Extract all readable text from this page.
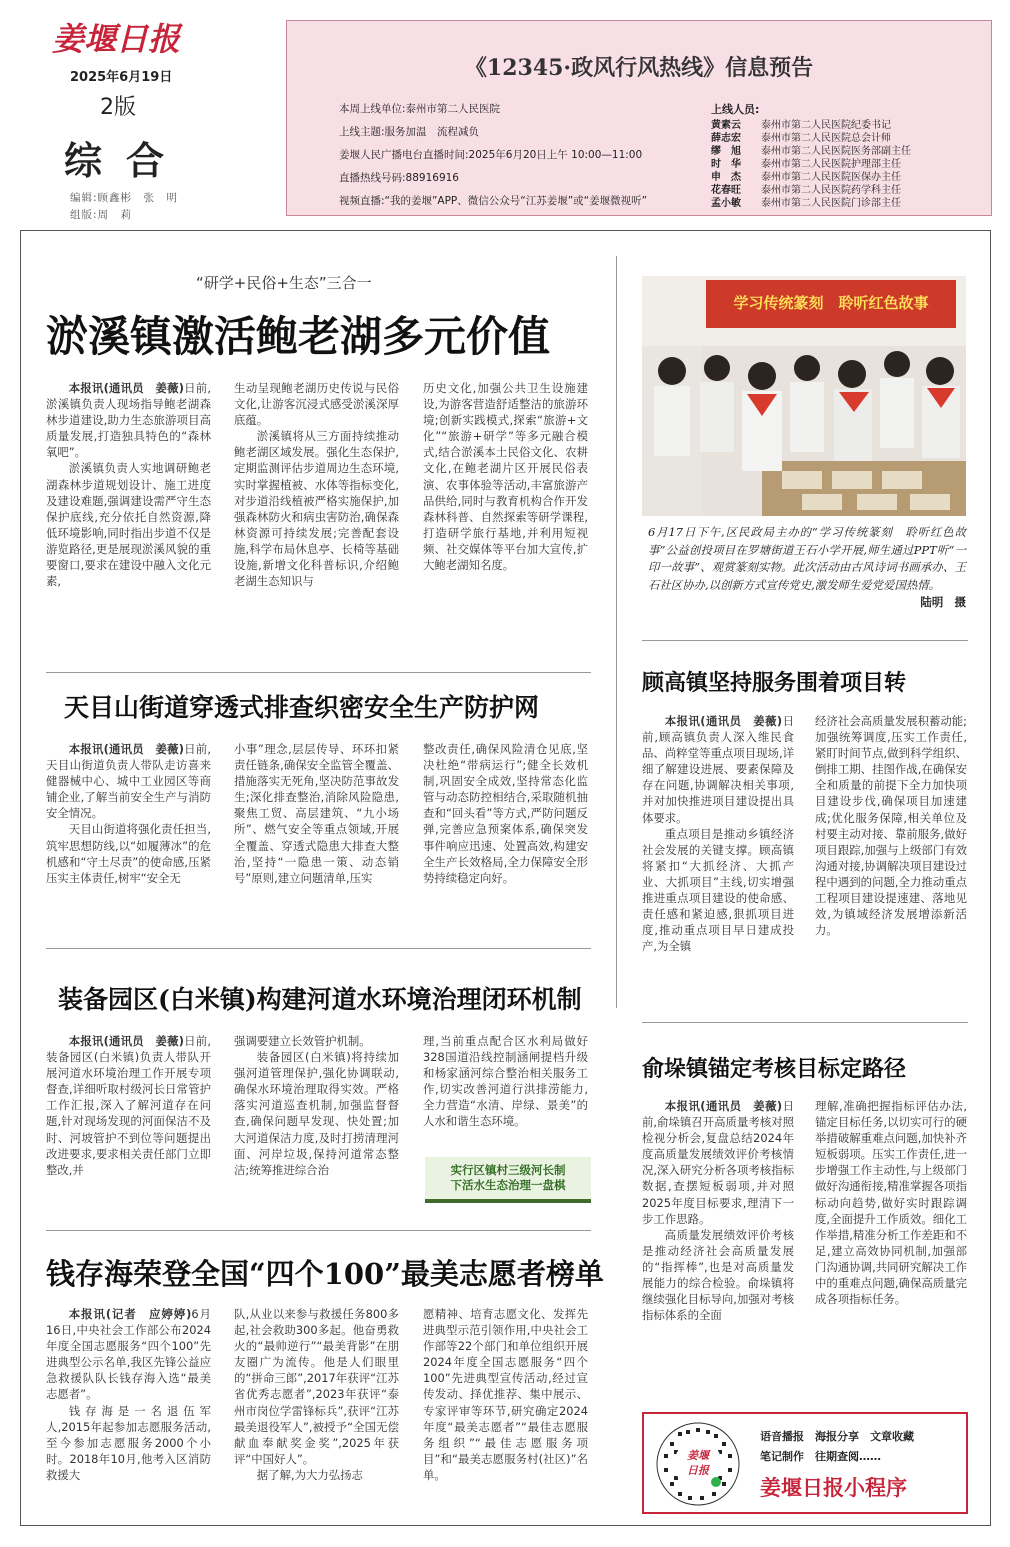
姜堰日报
2025年6月19日
2版
综合
编辑:顾鑫彬　张　明
组版:周　莉
《12345·政风行风热线》信息预告
本周上线单位:泰州市第二人民医院
上线主题:服务加温　流程减负
姜堰人民广播电台直播时间:2025年6月20日上午 10:00—11:00
直播热线号码:88916916
视频直播:“我的姜堰”APP、微信公众号“江苏姜堰”或“姜堰微视听”
上线人员:
黄素云 泰州市第二人民医院纪委书记
薛志宏 泰州市第二人民医院总会计师
缪　旭 泰州市第二人民医院医务部副主任
时　华 泰州市第二人民医院护理部主任
申　杰 泰州市第二人民医院医保办主任
花春旺 泰州市第二人民医院药学科主任
孟小敏 泰州市第二人民医院门诊部主任
“研学+民俗+生态”三合一
淤溪镇激活鲍老湖多元价值

本报讯(通讯员　姜薇)日前,淤溪镇负责人现场指导鲍老湖森林步道建设,助力生态旅游项目高质量发展,打造独具特色的“森林氧吧”。

淤溪镇负责人实地调研鲍老湖森林步道规划设计、施工进度及建设难题,强调建设需严守生态保护底线,充分依托自然资源,降低环境影响,同时指出步道不仅是游览路径,更是展现淤溪风貌的重要窗口,要求在建设中融入文化元素,

生动呈现鲍老湖历史传说与民俗文化,让游客沉浸式感受淤溪深厚底蕴。

淤溪镇将从三方面持续推动鲍老湖区域发展。强化生态保护,定期监测评估步道周边生态环境,实时掌握植被、水体等指标变化,对步道沿线植被严格实施保护,加强森林防火和病虫害防治,确保森林资源可持续发展;完善配套设施,科学布局休息亭、长椅等基础设施,新增文化科普标识,介绍鲍老湖生态知识与

历史文化,加强公共卫生设施建设,为游客营造舒适整洁的旅游环境;创新实践模式,探索“旅游+文化”“旅游+研学”等多元融合模式,结合淤溪本土民俗文化、农耕文化,在鲍老湖片区开展民俗表演、农事体验等活动,丰富旅游产品供给,同时与教育机构合作开发森林科普、自然探索等研学课程,打造研学旅行基地,并利用短视频、社交媒体等平台加大宣传,扩大鲍老湖知名度。

学习传统篆刻　聆听红色故事
6月17日下午,区民政局主办的“学习传统篆刻　聆听红色故事”公益创投项目在罗塘街道王石小学开展,师生通过PPT听“一印一故事”、观赏篆刻实物。此次活动由古风诗词书画承办、王石社区协办,以创新方式宣传党史,激发师生爱党爱国热情。
陆明　摄
天目山街道穿透式排查织密安全生产防护网

本报讯(通讯员　姜薇)日前,天目山街道负责人带队走访喜来健器械中心、城中工业园区等商铺企业,了解当前安全生产与消防安全情况。

天目山街道将强化责任担当,筑牢思想防线,以“如履薄冰”的危机感和“守土尽责”的使命感,压紧压实主体责任,树牢“安全无

小事”理念,层层传导、环环扣紧责任链条,确保安全监管全覆盖、措施落实无死角,坚决防范事故发生;深化排查整治,消除风险隐患,聚焦工贸、高层建筑、“九小场所”、燃气安全等重点领域,开展全覆盖、穿透式隐患大排查大整治,坚持“一隐患一策、动态销号”原则,建立问题清单,压实

整改责任,确保风险清仓见底,坚决杜绝“带病运行”;健全长效机制,巩固安全成效,坚持常态化监管与动态防控相结合,采取随机抽查和“回头看”等方式,严防问题反弹,完善应急预案体系,确保突发事件响应迅速、处置高效,构建安全生产长效格局,全力保障安全形势持续稳定向好。

顾高镇坚持服务围着项目转

本报讯(通讯员　姜薇)日前,顾高镇负责人深入维民食品、尚粹堂等重点项目现场,详细了解建设进展、要素保障及存在问题,协调解决相关事项,并对加快推进项目建设提出具体要求。

重点项目是推动乡镇经济社会发展的关键支撑。顾高镇将紧扣“大抓经济、大抓产业、大抓项目”主线,切实增强推进重点项目建设的使命感、责任感和紧迫感,狠抓项目进度,推动重点项目早日建成投产,为全镇

经济社会高质量发展积蓄动能;加强统筹调度,压实工作责任,紧盯时间节点,做到科学组织、倒排工期、挂图作战,在确保安全和质量的前提下全力加快项目建设步伐,确保项目加速建成;优化服务保障,相关单位及村要主动对接、靠前服务,做好项目跟踪,加强与上级部门有效沟通对接,协调解决项目建设过程中遇到的问题,全力推动重点工程项目建设提速建、落地见效,为镇域经济发展增添新活力。

装备园区(白米镇)构建河道水环境治理闭环机制

本报讯(通讯员　姜薇)日前,装备园区(白米镇)负责人带队开展河道水环境治理工作开展专项督查,详细听取村级河长日常管护工作汇报,深入了解河道存在问题,针对现场发现的河面保洁不及时、河坡管护不到位等问题提出改进要求,要求相关责任部门立即整改,并

强调要建立长效管护机制。

装备园区(白米镇)将持续加强河道管理保护,强化协调联动,确保水环境治理取得实效。严格落实河道巡查机制,加强监督督查,确保问题早发现、快处置;加大河道保洁力度,及时打捞清理河面、河岸垃圾,保持河道常态整洁;统筹推进综合治

理,当前重点配合区水利局做好328国道沿线控制涵闸提档升级和杨家涵河综合整治相关服务工作,切实改善河道行洪排涝能力,全力营造“水清、岸绿、景美”的人水和谐生态环境。

实行区镇村三级河长制
下活水生态治理一盘棋
俞垛镇锚定考核目标定路径

本报讯(通讯员　姜薇)日前,俞垛镇召开高质量考核对照检视分析会,复盘总结2024年度高质量发展绩效评价考核情况,深入研究分析各项考核指标数据,查摆短板弱项,并对照2025年度目标要求,理清下一步工作思路。

高质量发展绩效评价考核是推动经济社会高质量发展的“指挥棒”,也是对高质量发展能力的综合检验。俞垛镇将继续强化目标导向,加强对考核指标体系的全面

理解,准确把握指标评估办法,锚定目标任务,以切实可行的硬举措破解重难点问题,加快补齐短板弱项。压实工作责任,进一步增强工作主动性,与上级部门做好沟通衔接,精准掌握各项指标动向趋势,做好实时跟踪调度,全面提升工作质效。细化工作举措,精准分析工作差距和不足,建立高效协同机制,加强部门沟通协调,共同研究解决工作中的重难点问题,确保高质量完成各项指标任务。

钱存海荣登全国“四个100”最美志愿者榜单

本报讯(记者　应婷婷)6月16日,中央社会工作部公布2024年度全国志愿服务“四个100”先进典型公示名单,我区先锋公益应急救援队队长钱存海入选“最美志愿者”。

钱存海是一名退伍军人,2015年起参加志愿服务活动,至今参加志愿服务2000个小时。2018年10月,他考入区消防救援大

队,从业以来参与救援任务800多起,社会救助300多起。他奋勇救火的“最帅逆行”“最美背影”在朋友圈广为流传。他是人们眼里的“拼命三郎”,2017年获评“江苏省优秀志愿者”,2023年获评“泰州市岗位学雷锋标兵”,获评“江苏最美退役军人”,被授予“全国无偿献血奉献奖金奖”,2025年获评“中国好人”。

据了解,为大力弘扬志

愿精神、培育志愿文化、发挥先进典型示范引领作用,中央社会工作部等22个部门和单位组织开展2024年度全国志愿服务“四个100”先进典型宣传活动,经过宣传发动、择优推荐、集中展示、专家评审等环节,研究确定2024年度“最美志愿者”“最佳志愿服务组织”“最佳志愿服务项目”和“最美志愿服务村(社区)”名单。

姜堰
日报
语音播报　海报分享　文章收藏
笔记制作　往期查阅……
姜堰日报小程序
